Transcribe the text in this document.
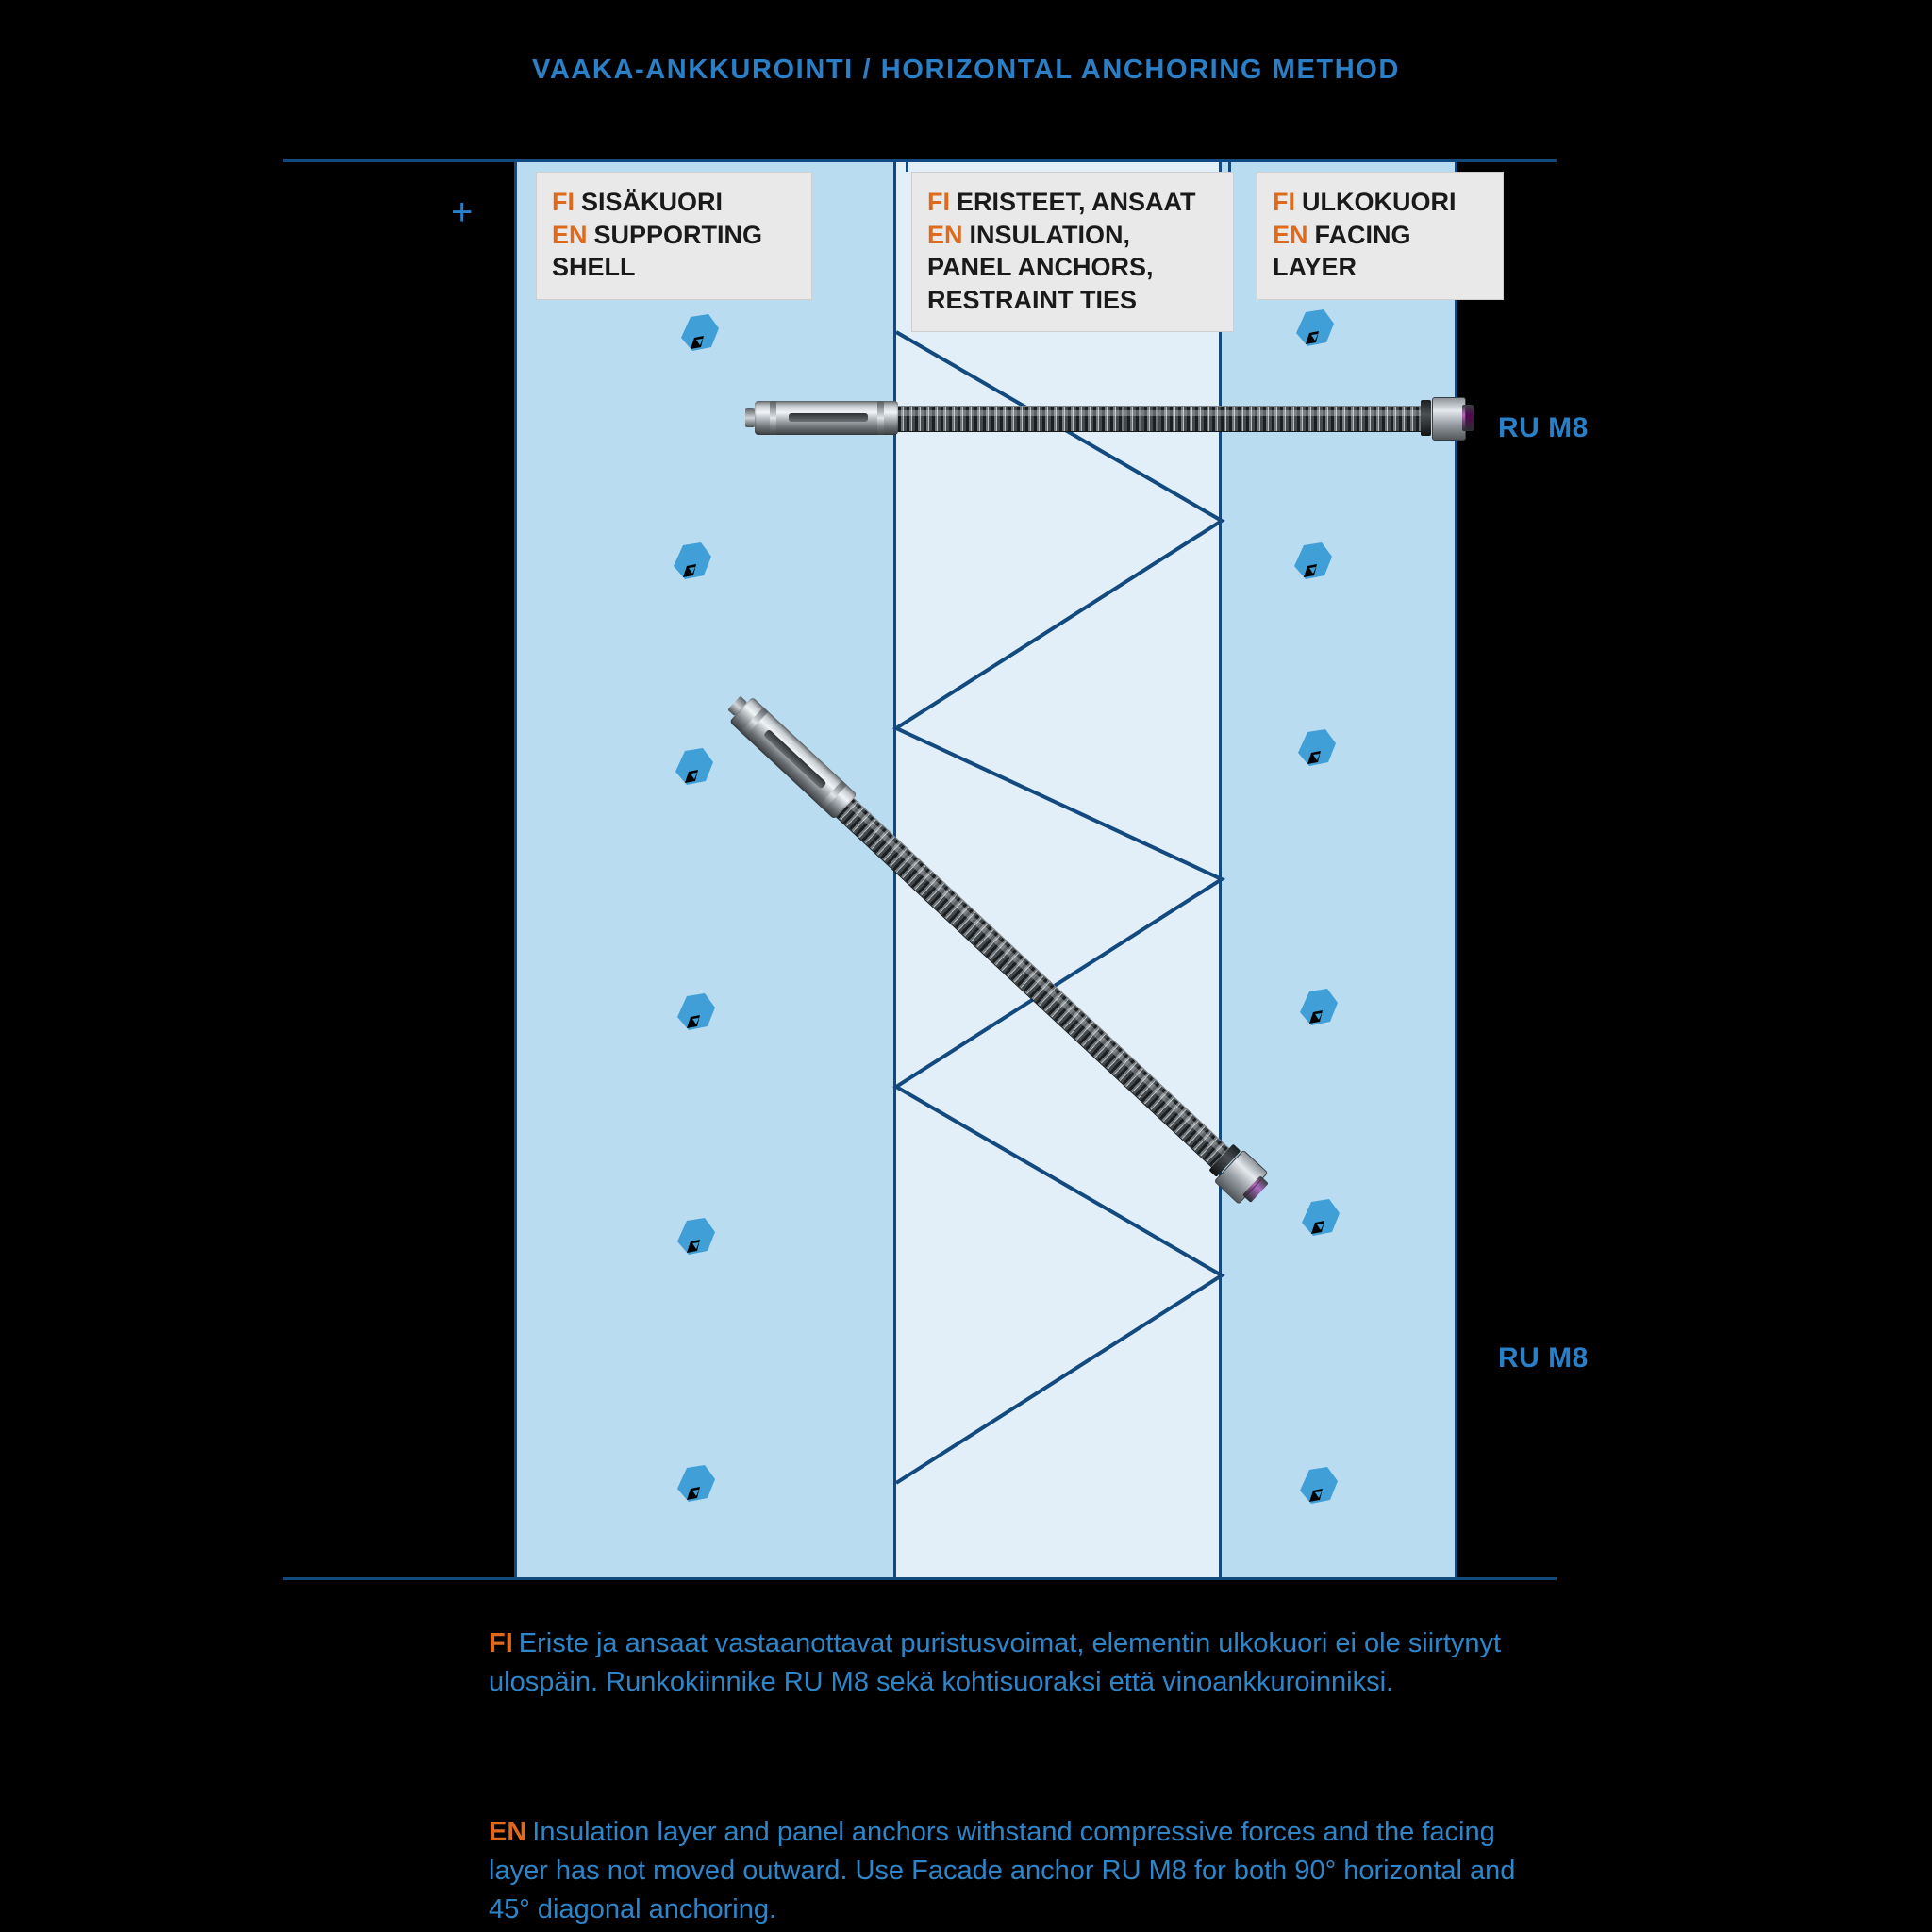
VAAKA-ANKKUROINTI / HORIZONTAL ANCHORING METHOD
+	FI SISÄKUORI
EN SUPPORTING SHELL
FI ERISTEET, ANSAAT
EN INSULATION, PANEL ANCHORS, RESTRAINT TIES
FI ULKOKUORI
EN FACING LAYER
RU M8
RU M8
FI Eriste ja ansaat vastaanottavat puristusvoimat, elementin ulkokuori ei ole siirtynyt ulospäin. Runkokiinnike RU M8 sekä kohtisuoraksi että vinoankkuroinniksi.
EN Insulation layer and panel anchors withstand compressive forces and the facing layer has not moved outward. Use Facade anchor RU M8 for both 90° horizontal and 45° diagonal anchoring.
